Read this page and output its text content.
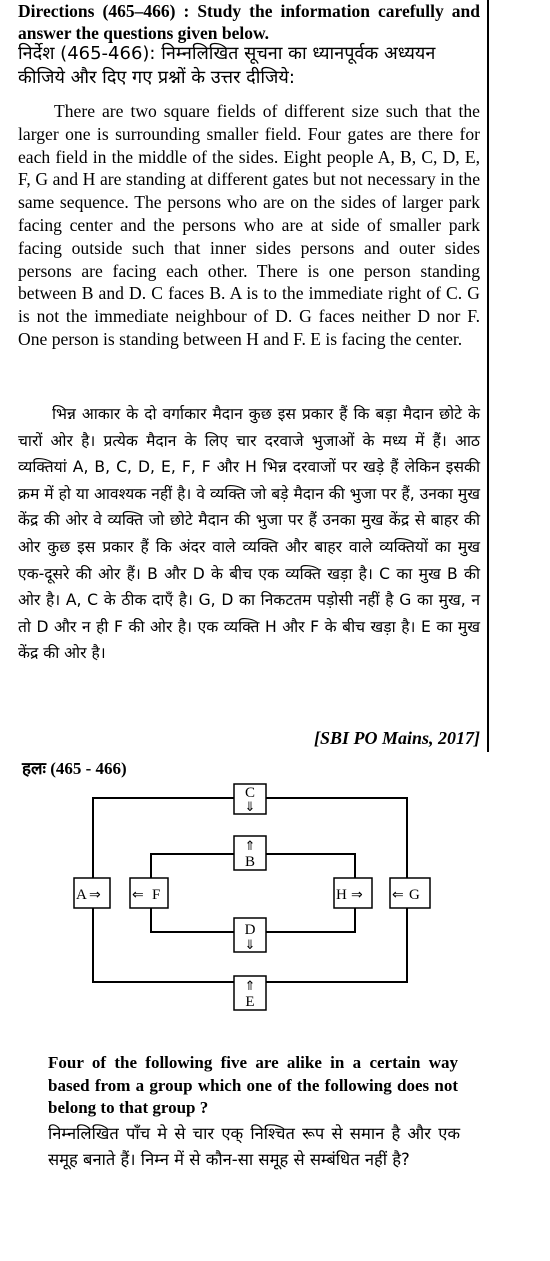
Directions (465–466) : Study the information carefully and answer the questions given below.
निर्देश (465-466): निम्नलिखित सूचना का ध्यानपूर्वक अध्ययन कीजिये और दिए गए प्रश्नों के उत्तर दीजिये:

There are two square fields of different size such that the larger one is surrounding smaller field. Four gates are there for each field in the middle of the sides. Eight people A, B, C, D, E, F, G and H are standing at different gates but not necessary in the same sequence. The persons who are on the sides of larger park facing center and the persons who are at side of smaller park facing outside such that inner sides persons and outer sides persons are facing each other. There is one person standing between B and D. C faces B. A is to the immediate right of C. G is not the immediate neighbour of D. G faces neither D nor F. One person is standing between H and F. E is facing the center.

भिन्न आकार के दो वर्गाकार मैदान कुछ इस प्रकार हैं कि बड़ा मैदान छोटे के चारों ओर है। प्रत्येक मैदान के लिए चार दरवाजे भुजाओं के मध्य में हैं। आठ व्यक्तियां A, B, C, D, E, F, F और H भिन्न दरवाजों पर खड़े हैं लेकिन इसकी क्रम में हो या आवश्यक नहीं है। वे व्यक्ति जो बड़े मैदान की भुजा पर हैं, उनका मुख केंद्र की ओर वे व्यक्ति जो छोटे मैदान की भुजा पर हैं उनका मुख केंद्र से बाहर की ओर कुछ इस प्रकार हैं कि अंदर वाले व्यक्ति और बाहर वाले व्यक्तियों का मुख एक-दूसरे की ओर हैं। B और D के बीच एक व्यक्ति खड़ा है। C का मुख B की ओर है। A, C के ठीक दाएँ है। G, D का निकटतम पड़ोसी नहीं है G का मुख, न तो D और न ही F की ओर है। एक व्यक्ति H और F के बीच खड़ा है। E का मुख केंद्र की ओर है।

[SBI PO Mains, 2017]
हलः (465 - 466)
C
⇓
⇑
B
A ⇒ ⇐ F	H ⇒ ⇐ G
D
⇓
⇑
E
Four of the following five are alike in a certain way based from a group which one of the following does not belong to that group ?
निम्नलिखित पाँच मे से चार एक् निश्चित रूप से समान है और एक समूह बनाते हैं। निम्न में से कौन-सा समूह से सम्बंधित नहीं है?
